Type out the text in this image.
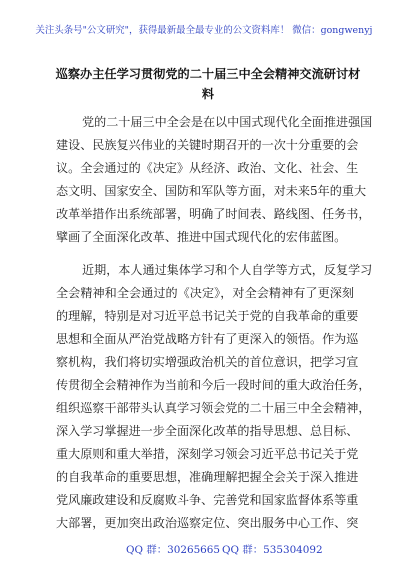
关注头条号"公文研究"，获得最新最全最专业的公文资料库！ 微信：gongwenyj
巡察办主任学习贯彻党的二十届三中全会精神交流研讨材
料
党的二十届三中全会是在以中国式现代化全面推进强国
建设、民族复兴伟业的关键时期召开的一次十分重要的会
议。全会通过的《决定》从经济、政治、文化、社会、生
态文明、国家安全、国防和军队等方面，对未来5年的重大
改革举措作出系统部署，明确了时间表、路线图、任务书，
擘画了全面深化改革、推进中国式现代化的宏伟蓝图。
近期，本人通过集体学习和个人自学等方式，反复学习
全会精神和全会通过的《决定》，对全会精神有了更深刻
的理解，特别是对习近平总书记关于党的自我革命的重要
思想和全面从严治党战略方针有了更深入的领悟。作为巡
察机构，我们将切实增强政治机关的首位意识，把学习宣
传贯彻全会精神作为当前和今后一段时间的重大政治任务，
组织巡察干部带头认真学习领会党的二十届三中全会精神，
深入学习掌握进一步全面深化改革的指导思想、总目标、
重大原则和重大举措，深刻学习领会习近平总书记关于党
的自我革命的重要思想，准确理解把握全会关于深入推进
党风廉政建设和反腐败斗争、完善党和国家监督体系等重
大部署，更加突出政治巡察定位、突出服务中心工作、突
QQ 群：30265665 QQ 群：535304092
